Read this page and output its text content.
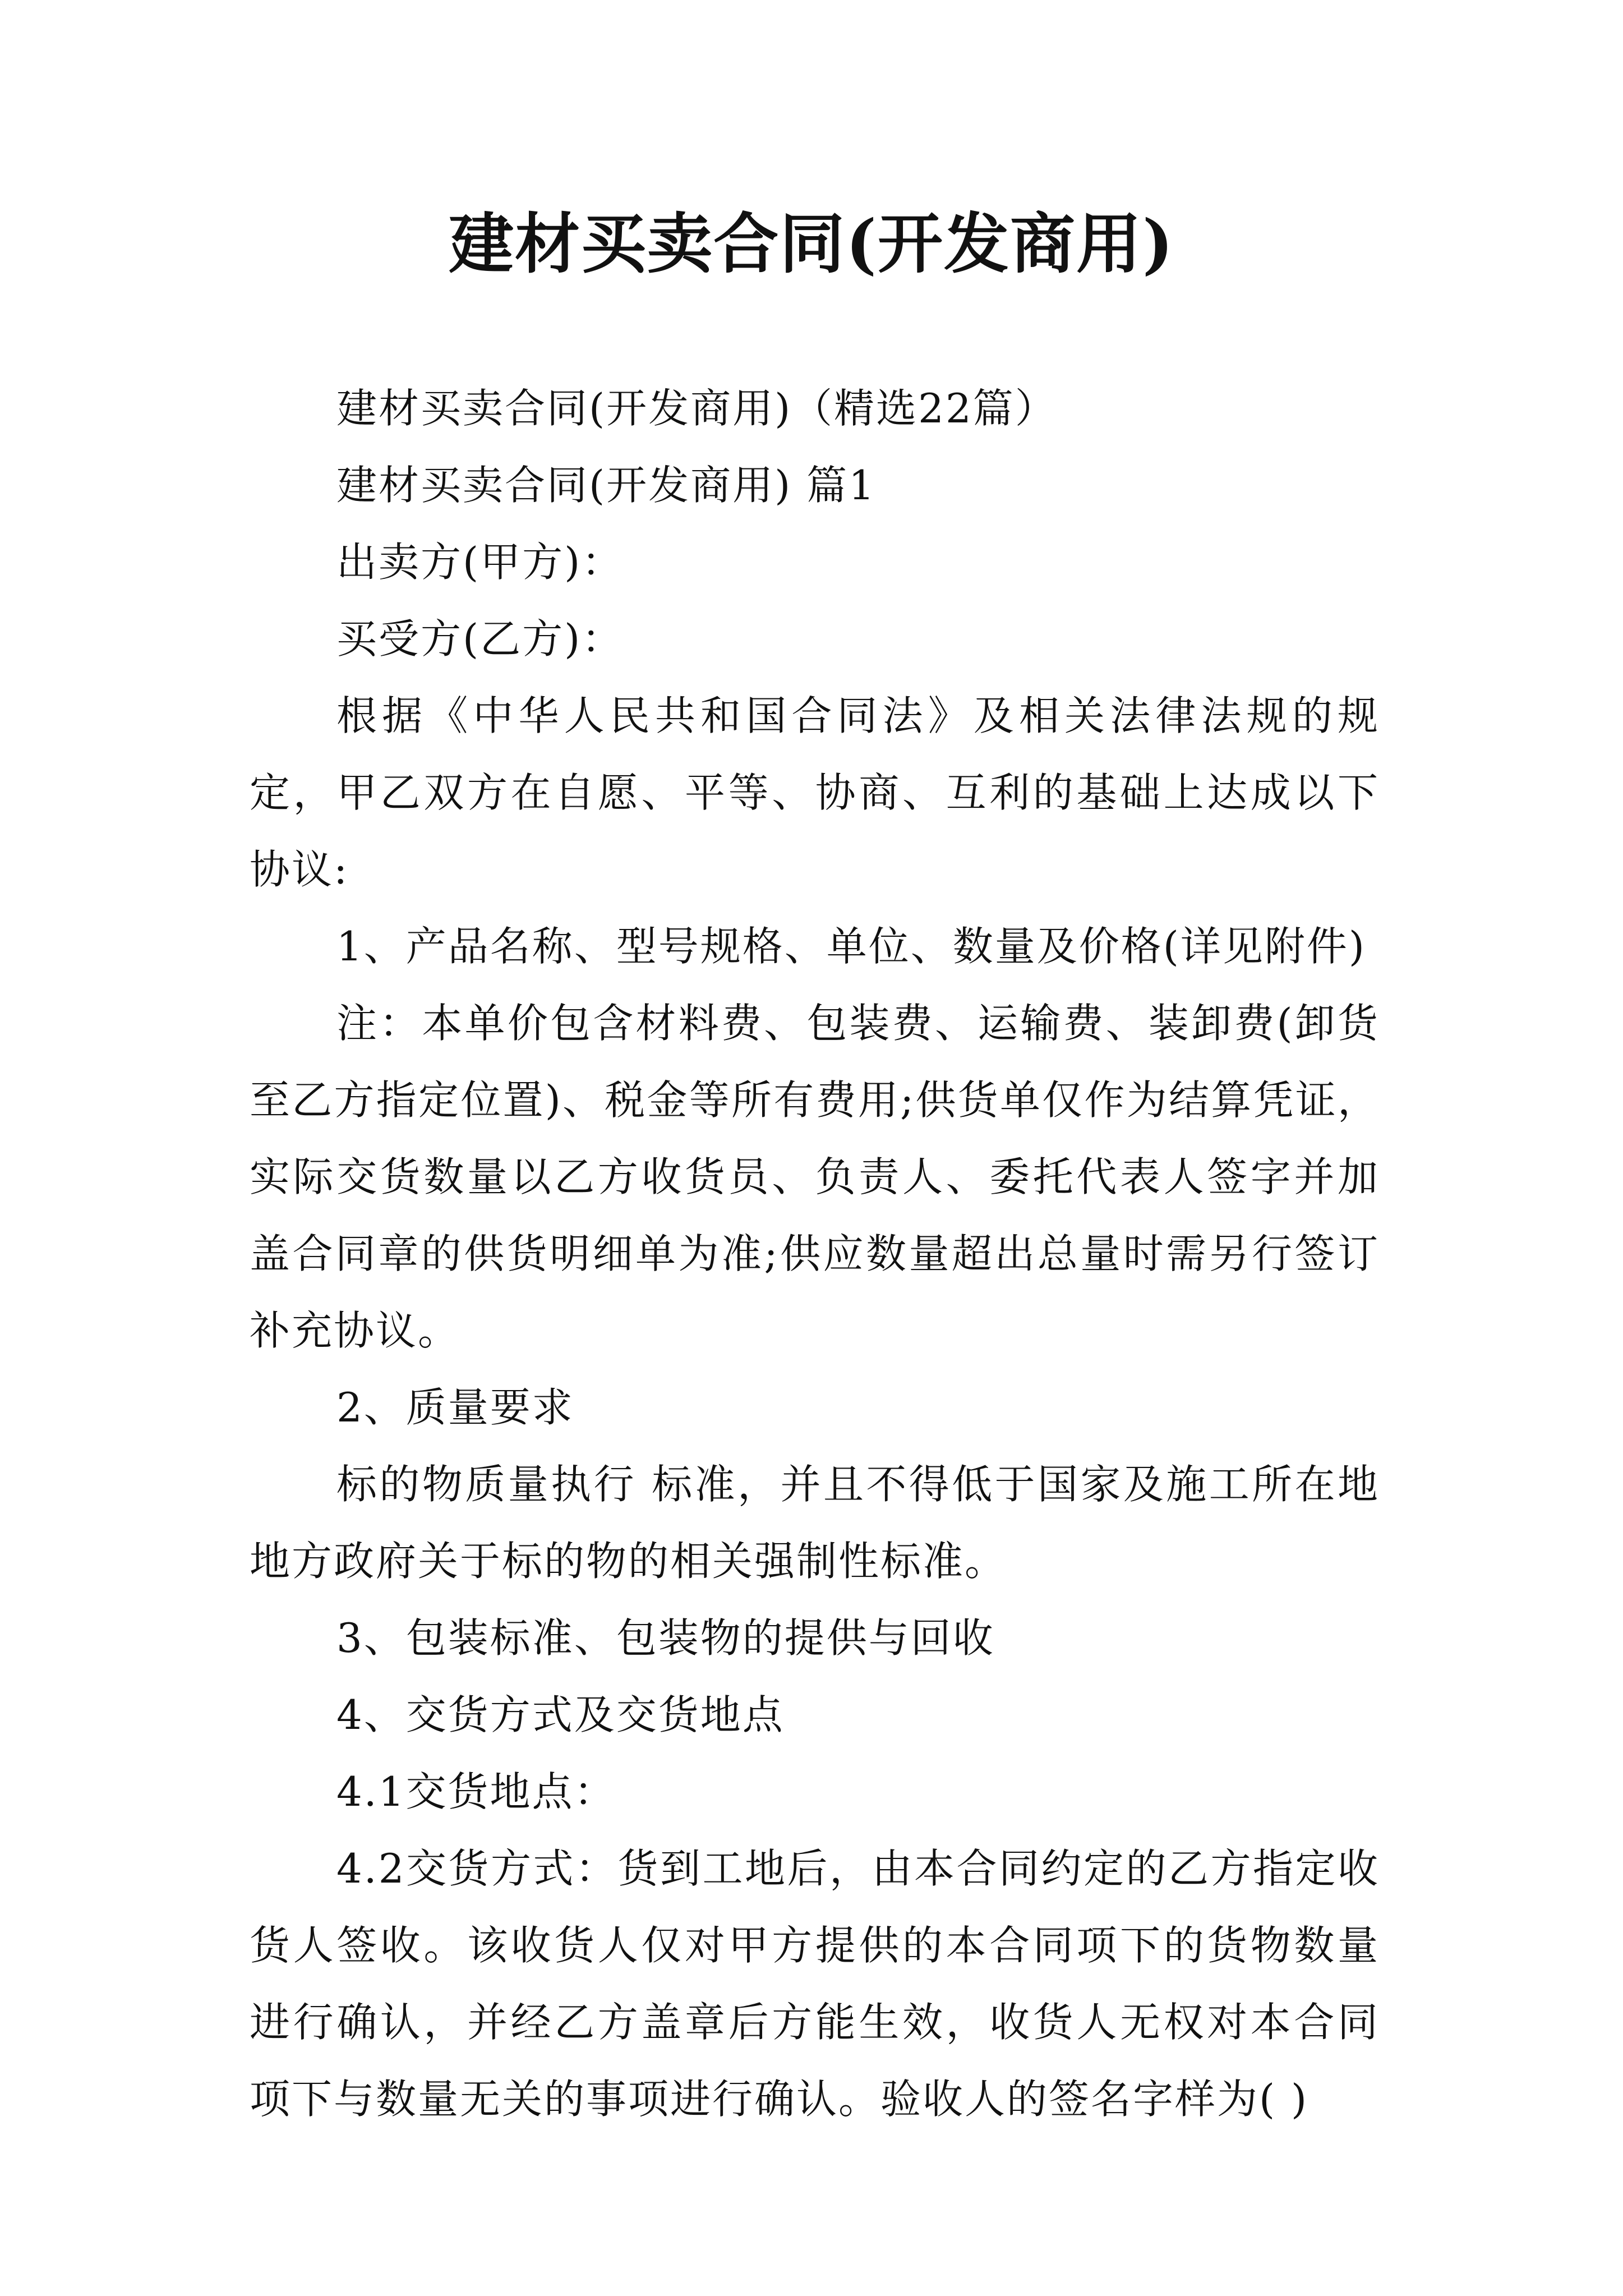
建材买卖合同(开发商用)

建材买卖合同(开发商用)（精选22篇）

建材买卖合同(开发商用) 篇1

出卖方(甲方)：

买受方(乙方)：

根据《中华人民共和国合同法》及相关法律法规的规定，甲乙双方在自愿、平等、协商、互利的基础上达成以下协议:

1、产品名称、型号规格、单位、数量及价格(详见附件)

注：本单价包含材料费、包装费、运输费、装卸费(卸货至乙方指定位置)、税金等所有费用;供货单仅作为结算凭证，实际交货数量以乙方收货员、负责人、委托代表人签字并加盖合同章的供货明细单为准;供应数量超出总量时需另行签订补充协议。

2、质量要求

标的物质量执行 标准，并且不得低于国家及施工所在地地方政府关于标的物的相关强制性标准。

3、包装标准、包装物的提供与回收

4、交货方式及交货地点

4.1交货地点：

4.2交货方式：货到工地后，由本合同约定的乙方指定收货人签收。该收货人仅对甲方提供的本合同项下的货物数量进行确认，并经乙方盖章后方能生效，收货人无权对本合同项下与数量无关的事项进行确认。验收人的签名字样为( )
